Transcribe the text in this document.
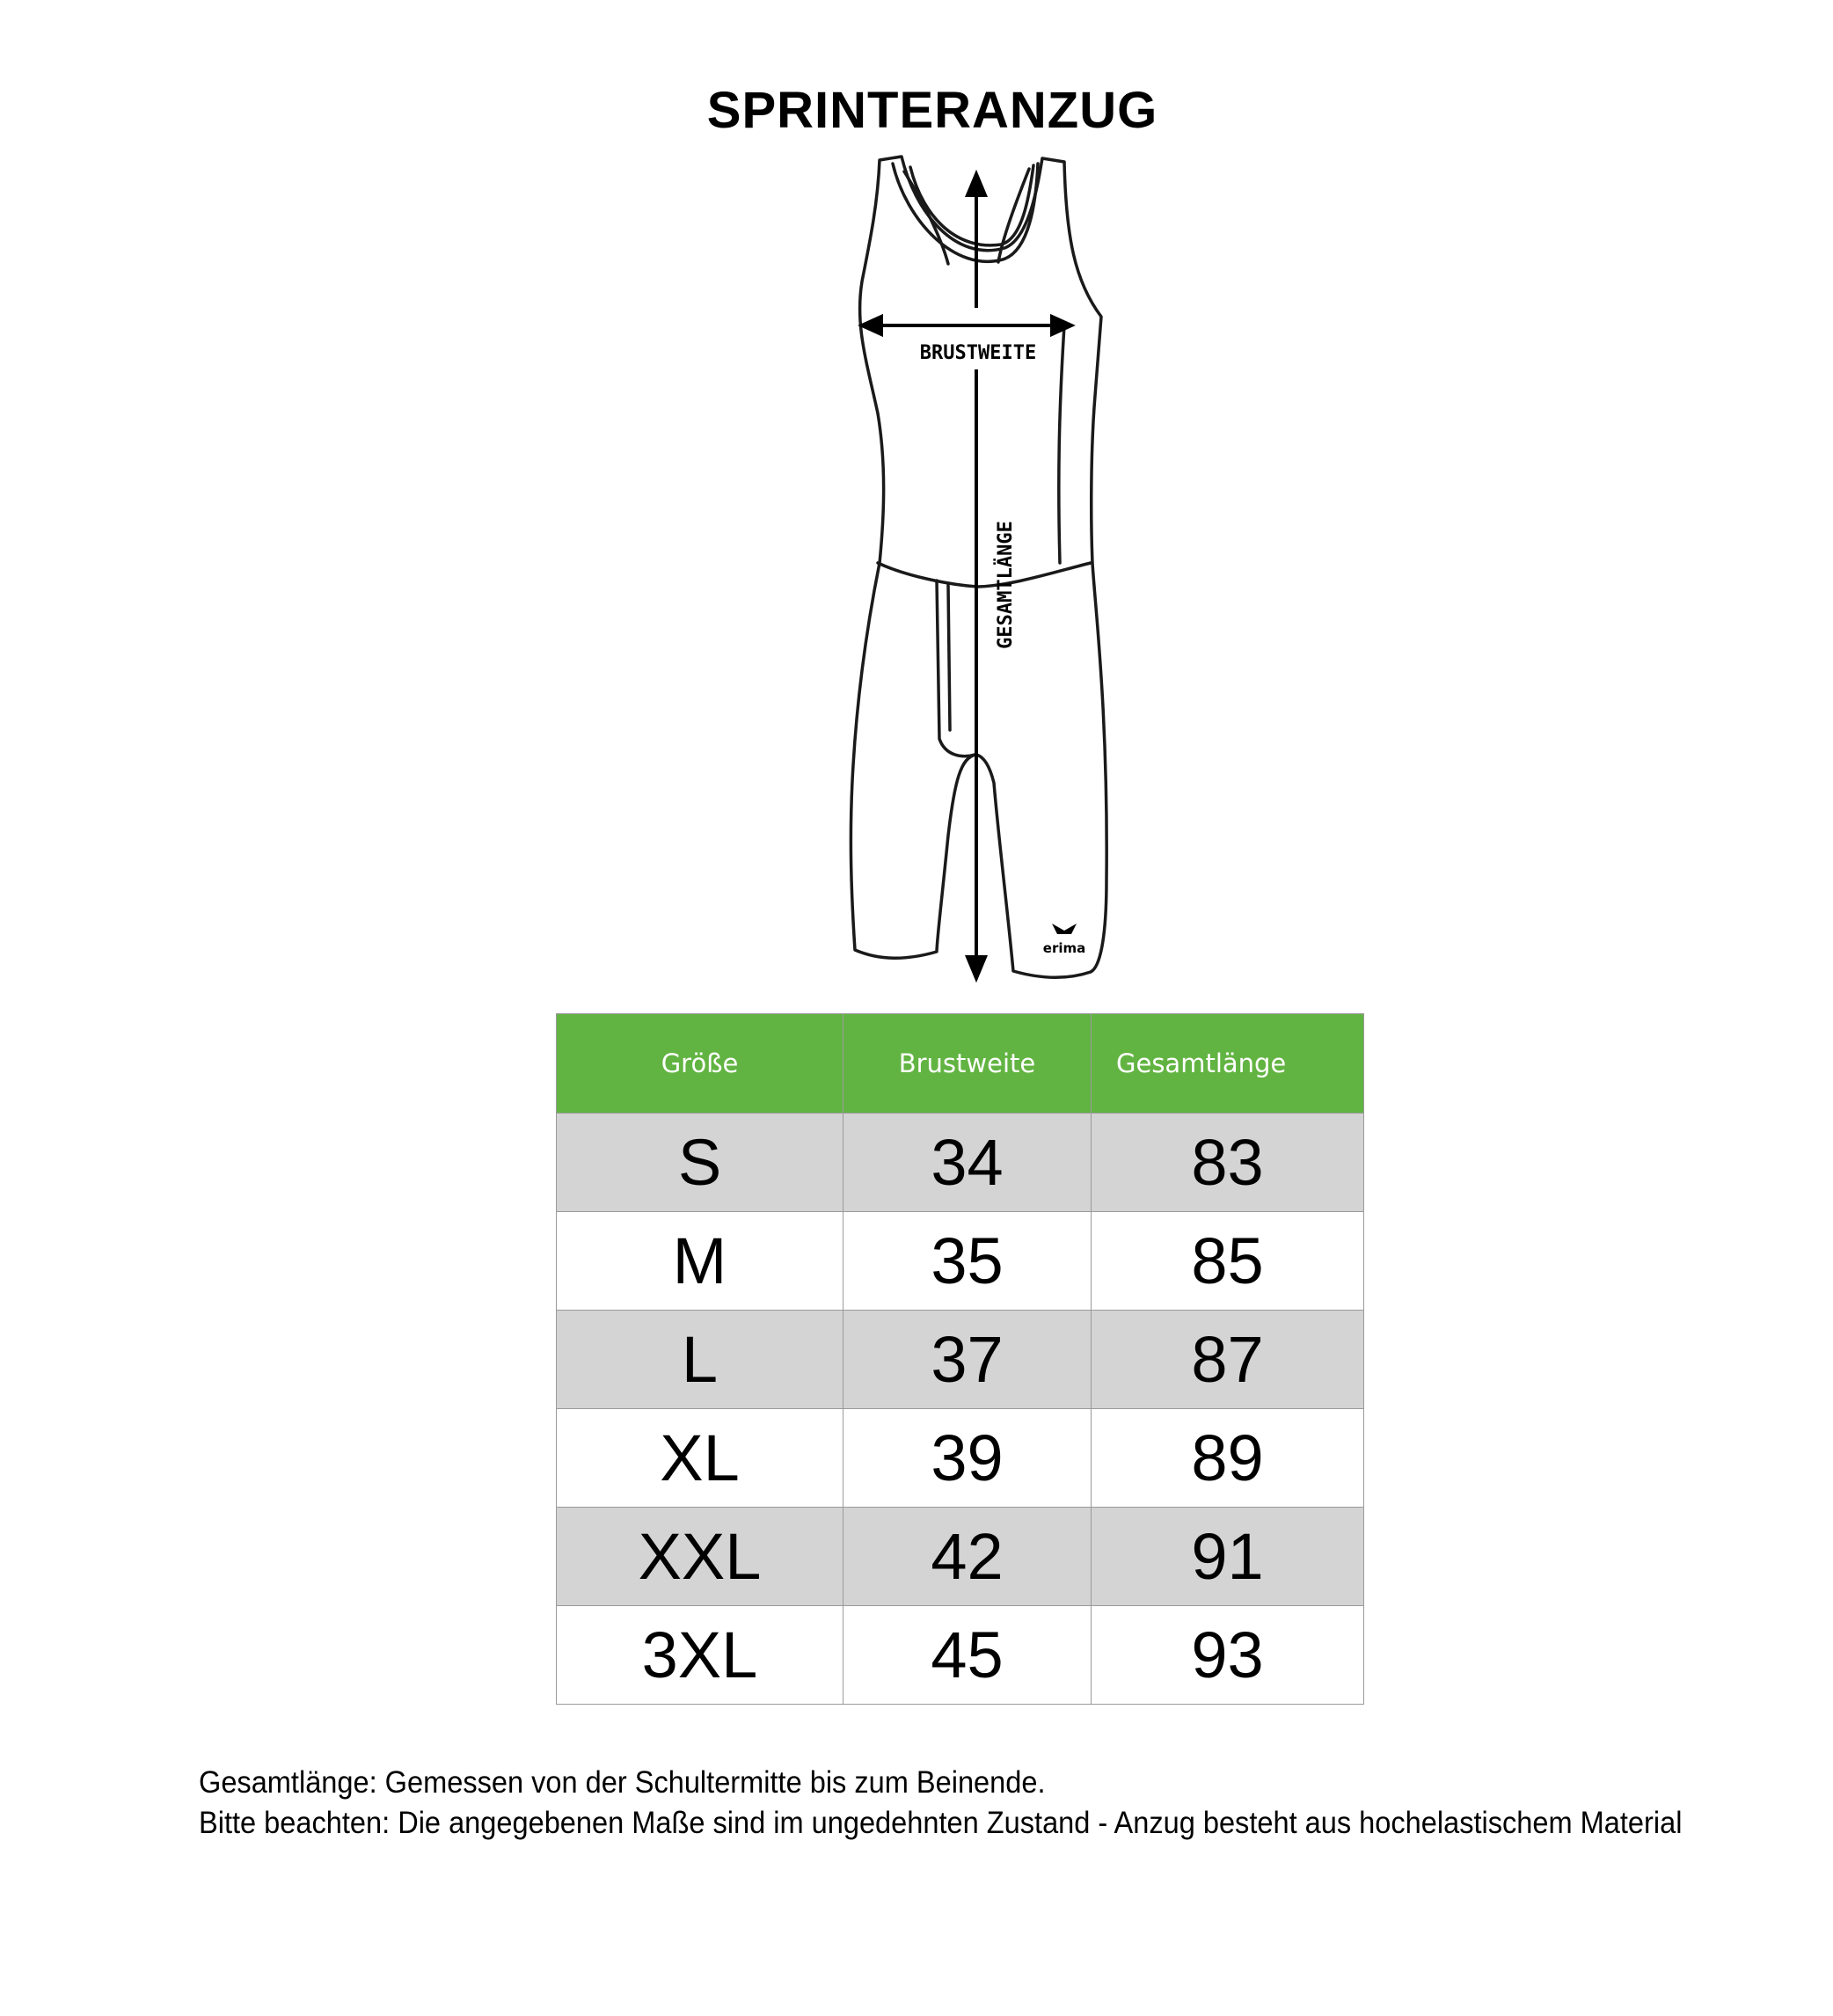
SPRINTERANZUG
BRUSTWEITE
GESAMTLÄNGE
erima
Größe	Brustweite	Gesamtlänge
S	34	83
M	35	85
L	37	87
XL	39	89
XXL	42	91
3XL	45	93
Gesamtlänge: Gemessen von der Schultermitte bis zum Beinende.
Bitte beachten: Die angegebenen Maße sind im ungedehnten Zustand - Anzug besteht aus hochelastischem Material
